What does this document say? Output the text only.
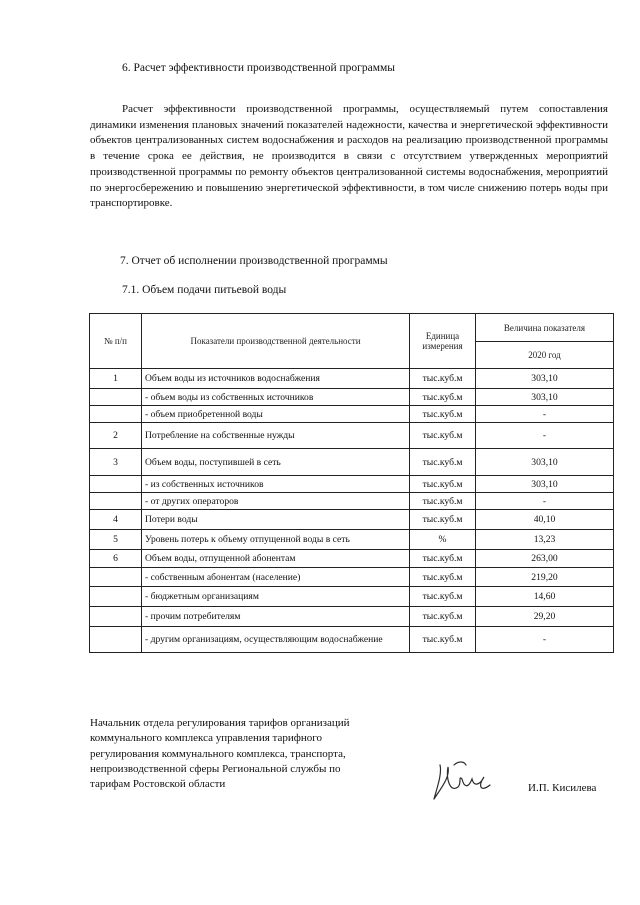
6. Расчет эффективности производственной программы
Расчет эффективности производственной программы, осуществляемый путем сопоставления динамики изменения плановых значений показателей надежности, качества и энергетической эффективности объектов централизованных систем водоснабжения и расходов на реализацию производственной программы в течение срока ее действия, не производится в связи с отсутствием утвержденных мероприятий производственной программы по ремонту объектов централизованной системы водоснабжения, мероприятий по энергосбережению и повышению энергетической эффективности, в том числе снижению потерь воды при транспортировке.
7. Отчет об исполнении производственной программы
7.1. Объем подачи питьевой воды
№ п/п	Показатели производственной деятельности	Единица измерения	Величина показателя
			2020 год
1	Объем воды из источников водоснабжения	тыс.куб.м	303,10
	- объем воды из собственных источников	тыс.куб.м	303,10
	- объем приобретенной воды	тыс.куб.м	-
2	Потребление на собственные нужды	тыс.куб.м	-
3	Объем воды, поступившей в сеть	тыс.куб.м	303,10
	- из собственных источников	тыс.куб.м	303,10
	- от других операторов	тыс.куб.м	-
4	Потери воды	тыс.куб.м	40,10
5	Уровень потерь к объему отпущенной воды в сеть	%	13,23
6	Объем воды, отпущенной абонентам	тыс.куб.м	263,00
	- собственным абонентам (население)	тыс.куб.м	219,20
	- бюджетным организациям	тыс.куб.м	14,60
	- прочим потребителям	тыс.куб.м	29,20
	- другим организациям, осуществляющим водоснабжение	тыс.куб.м	-
Начальник отдела регулирования тарифов организаций
коммунального комплекса управления тарифного
регулирования коммунального комплекса, транспорта,
непроизводственной сферы Региональной службы по
тарифам Ростовской области	И.П. Кисилева
